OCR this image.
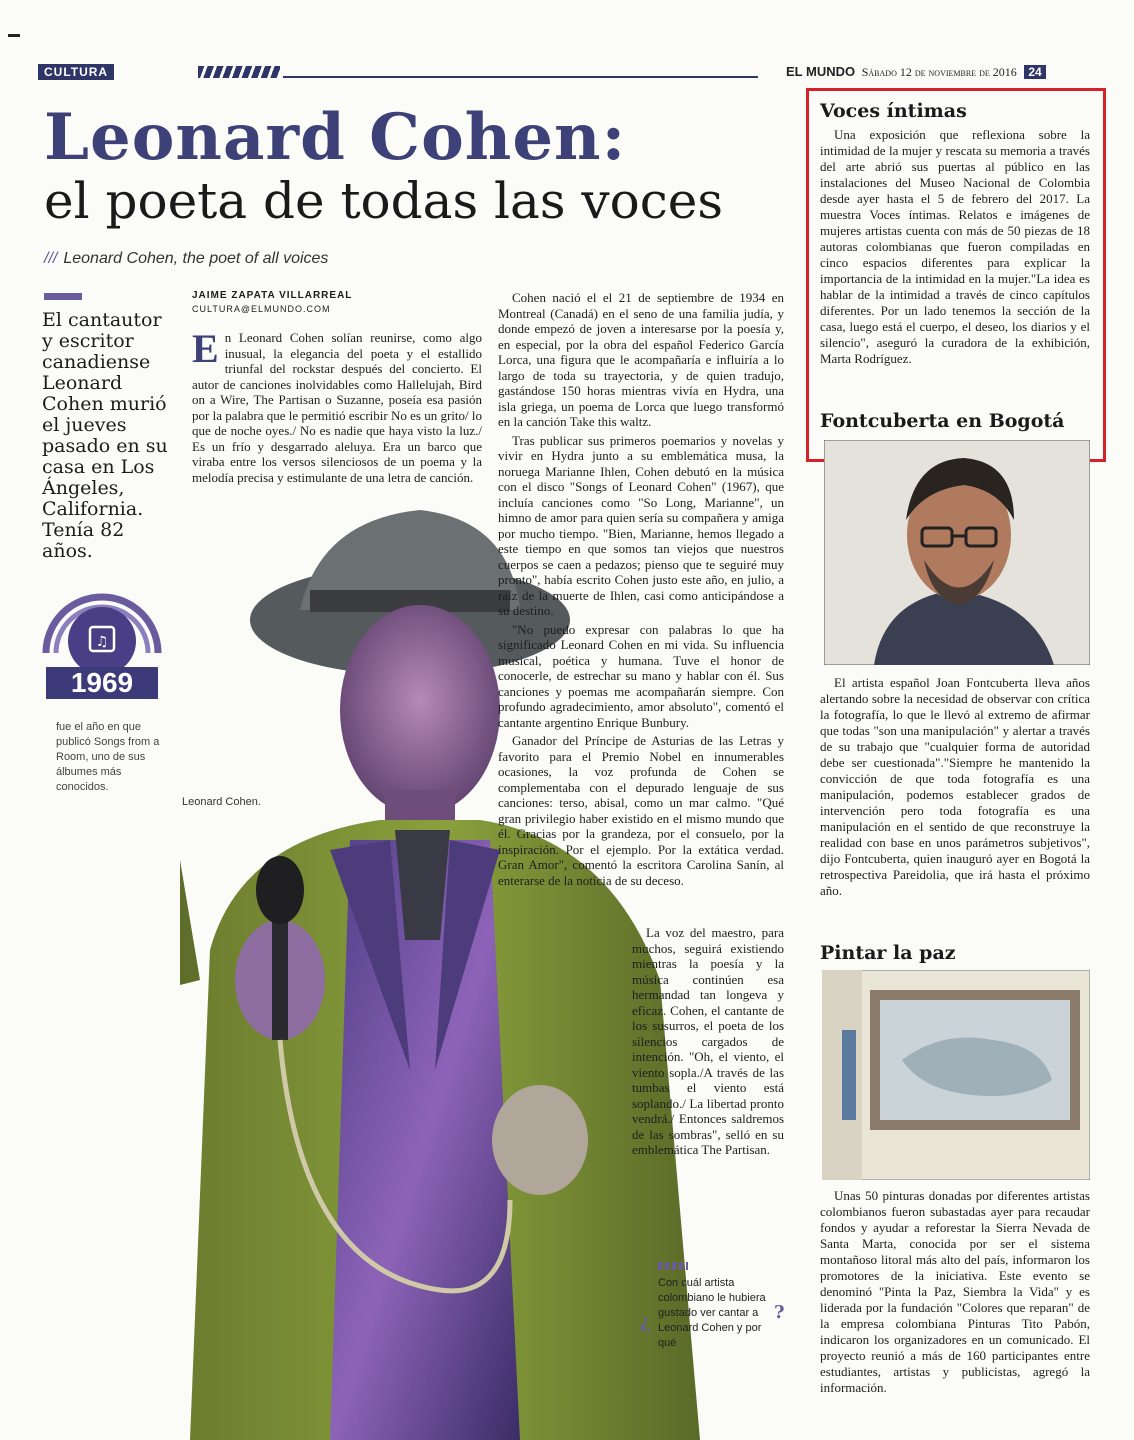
CULTURA	EL MUNDO Sábado 12 de noviembre de 2016 24
Leonard Cohen:
el poeta de todas las voces
/// Leonard Cohen, the poet of all voices
El cantautor y escritor canadiense Leonard Cohen murió el jueves pasado en su casa en Los Ángeles, California. Tenía 82 años.
JAIME ZAPATA VILLARREAL
CULTURA@ELMUNDO.COM
En Leonard Cohen solían reunirse, como algo inusual, la elegancia del poeta y el estallido triunfal del rockstar después del concierto. El autor de canciones inolvidables como Hallelujah, Bird on a Wire, The Partisan o Suzanne, poseía esa pasión por la palabra que le permitió escribir No es un grito/ lo que de noche oyes./ No es nadie que haya visto la luz./ Es un frío y desgarrado aleluya. Era un barco que viraba entre los versos silenciosos de un poema y la melodía precisa y estimulante de una letra de canción.
Leonard Cohen.
♫
1969
fue el año en que publicó Songs from a Room, uno de sus álbumes más conocidos.

Cohen nació el el 21 de septiembre de 1934 en Montreal (Canadá) en el seno de una familia judía, y donde empezó de joven a interesarse por la poesía y, en especial, por la obra del español Federico García Lorca, una figura que le acompañaría e influiría a lo largo de toda su trayectoria, y de quien tradujo, gastándose 150 horas mientras vivía en Hydra, una isla griega, un poema de Lorca que luego transformó en la canción Take this waltz.

Tras publicar sus primeros poemarios y novelas y vivir en Hydra junto a su emblemática musa, la noruega Marianne Ihlen, Cohen debutó en la música con el disco "Songs of Leonard Cohen" (1967), que incluía canciones como "So Long, Marianne", un himno de amor para quien sería su compañera y amiga por mucho tiempo. "Bien, Marianne, hemos llegado a este tiempo en que somos tan viejos que nuestros cuerpos se caen a pedazos; pienso que te seguiré muy pronto", había escrito Cohen justo este año, en julio, a raíz de la muerte de Ihlen, casi como anticipándose a su destino.

"No puedo expresar con palabras lo que ha significado Leonard Cohen en mi vida. Su influencia musical, poética y humana. Tuve el honor de conocerle, de estrechar su mano y hablar con él. Sus canciones y poemas me acompañarán siempre. Con profundo agradecimiento, amor absoluto", comentó el cantante argentino Enrique Bunbury.

Ganador del Príncipe de Asturias de las Letras y favorito para el Premio Nobel en innumerables ocasiones, la voz profunda de Cohen se complementaba con el depurado lenguaje de sus canciones: terso, abisal, como un mar calmo. "Qué gran privilegio haber existido en el mismo mundo que él. Gracias por la grandeza, por el consuelo, por la inspiración. Por el ejemplo. Por la extática verdad. Gran Amor", comentó la escritora Carolina Sanín, al enterarse de la noticia de su deceso.

La voz del maestro, para muchos, seguirá existiendo mientras la poesía y la música continúen esa hermandad tan longeva y eficaz. Cohen, el cantante de los susurros, el poeta de los silencios cargados de intención. "Oh, el viento, el viento sopla./A través de las tumbas el viento está soplando./ La libertad pronto vendrá./ Entonces saldremos de las sombras", selló en su emblemática The Partisan.

¿
Con cuál artista colombiano le hubiera gustado ver cantar a Leonard Cohen y por qué
?
Voces íntimas

Una exposición que reflexiona sobre la intimidad de la mujer y rescata su memoria a través del arte abrió sus puertas al público en las instalaciones del Museo Nacional de Colombia desde ayer hasta el 5 de febrero del 2017. La muestra Voces íntimas. Relatos e imágenes de mujeres artistas cuenta con más de 50 piezas de 18 autoras colombianas que fueron compiladas en cinco espacios diferentes para explicar la importancia de la intimidad en la mujer."La idea es hablar de la intimidad a través de cinco capítulos diferentes. Por un lado tenemos la sección de la casa, luego está el cuerpo, el deseo, los diarios y el silencio", aseguró la curadora de la exhibición, Marta Rodríguez.

Fontcuberta en Bogotá

El artista español Joan Fontcuberta lleva años alertando sobre la necesidad de observar con crítica la fotografía, lo que le llevó al extremo de afirmar que todas "son una manipulación" y alertar a través de su trabajo que "cualquier forma de autoridad debe ser cuestionada"."Siempre he mantenido la convicción de que toda fotografía es una manipulación, podemos establecer grados de intervención pero toda fotografía es una manipulación en el sentido de que reconstruye la realidad con base en unos parámetros subjetivos", dijo Fontcuberta, quien inauguró ayer en Bogotá la retrospectiva Pareidolia, que irá hasta el próximo año.

Pintar la paz

Unas 50 pinturas donadas por diferentes artistas colombianos fueron subastadas ayer para recaudar fondos y ayudar a reforestar la Sierra Nevada de Santa Marta, conocida por ser el sistema montañoso litoral más alto del país, informaron los promotores de la iniciativa. Este evento se denominó "Pinta la Paz, Siembra la Vida" y es liderada por la fundación "Colores que reparan" de la empresa colombiana Pinturas Tito Pabón, indicaron los organizadores en un comunicado. El proyecto reunió a más de 160 participantes entre estudiantes, artistas y publicistas, agregó la información.
